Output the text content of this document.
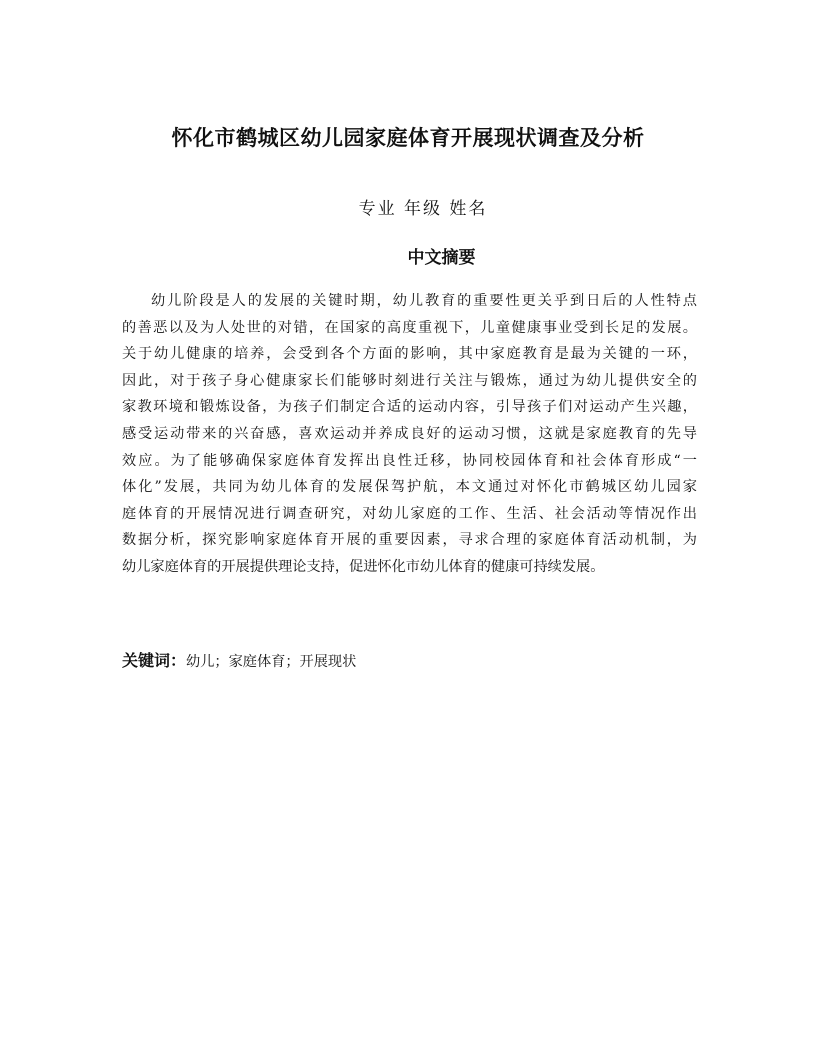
怀化市鹤城区幼儿园家庭体育开展现状调查及分析
专业 年级 姓名
中文摘要
幼儿阶段是人的发展的关键时期，幼儿教育的重要性更关乎到日后的人性特点
的善恶以及为人处世的对错，在国家的高度重视下，儿童健康事业受到长足的发展。
关于幼儿健康的培养，会受到各个方面的影响，其中家庭教育是最为关键的一环，
因此，对于孩子身心健康家长们能够时刻进行关注与锻炼，通过为幼儿提供安全的
家教环境和锻炼设备，为孩子们制定合适的运动内容，引导孩子们对运动产生兴趣，
感受运动带来的兴奋感，喜欢运动并养成良好的运动习惯，这就是家庭教育的先导
效应。为了能够确保家庭体育发挥出良性迁移，协同校园体育和社会体育形成“一
体化”发展，共同为幼儿体育的发展保驾护航，本文通过对怀化市鹤城区幼儿园家
庭体育的开展情况进行调查研究，对幼儿家庭的工作、生活、社会活动等情况作出
数据分析，探究影响家庭体育开展的重要因素，寻求合理的家庭体育活动机制，为
幼儿家庭体育的开展提供理论支持，促进怀化市幼儿体育的健康可持续发展。
关键词：幼儿；家庭体育；开展现状
